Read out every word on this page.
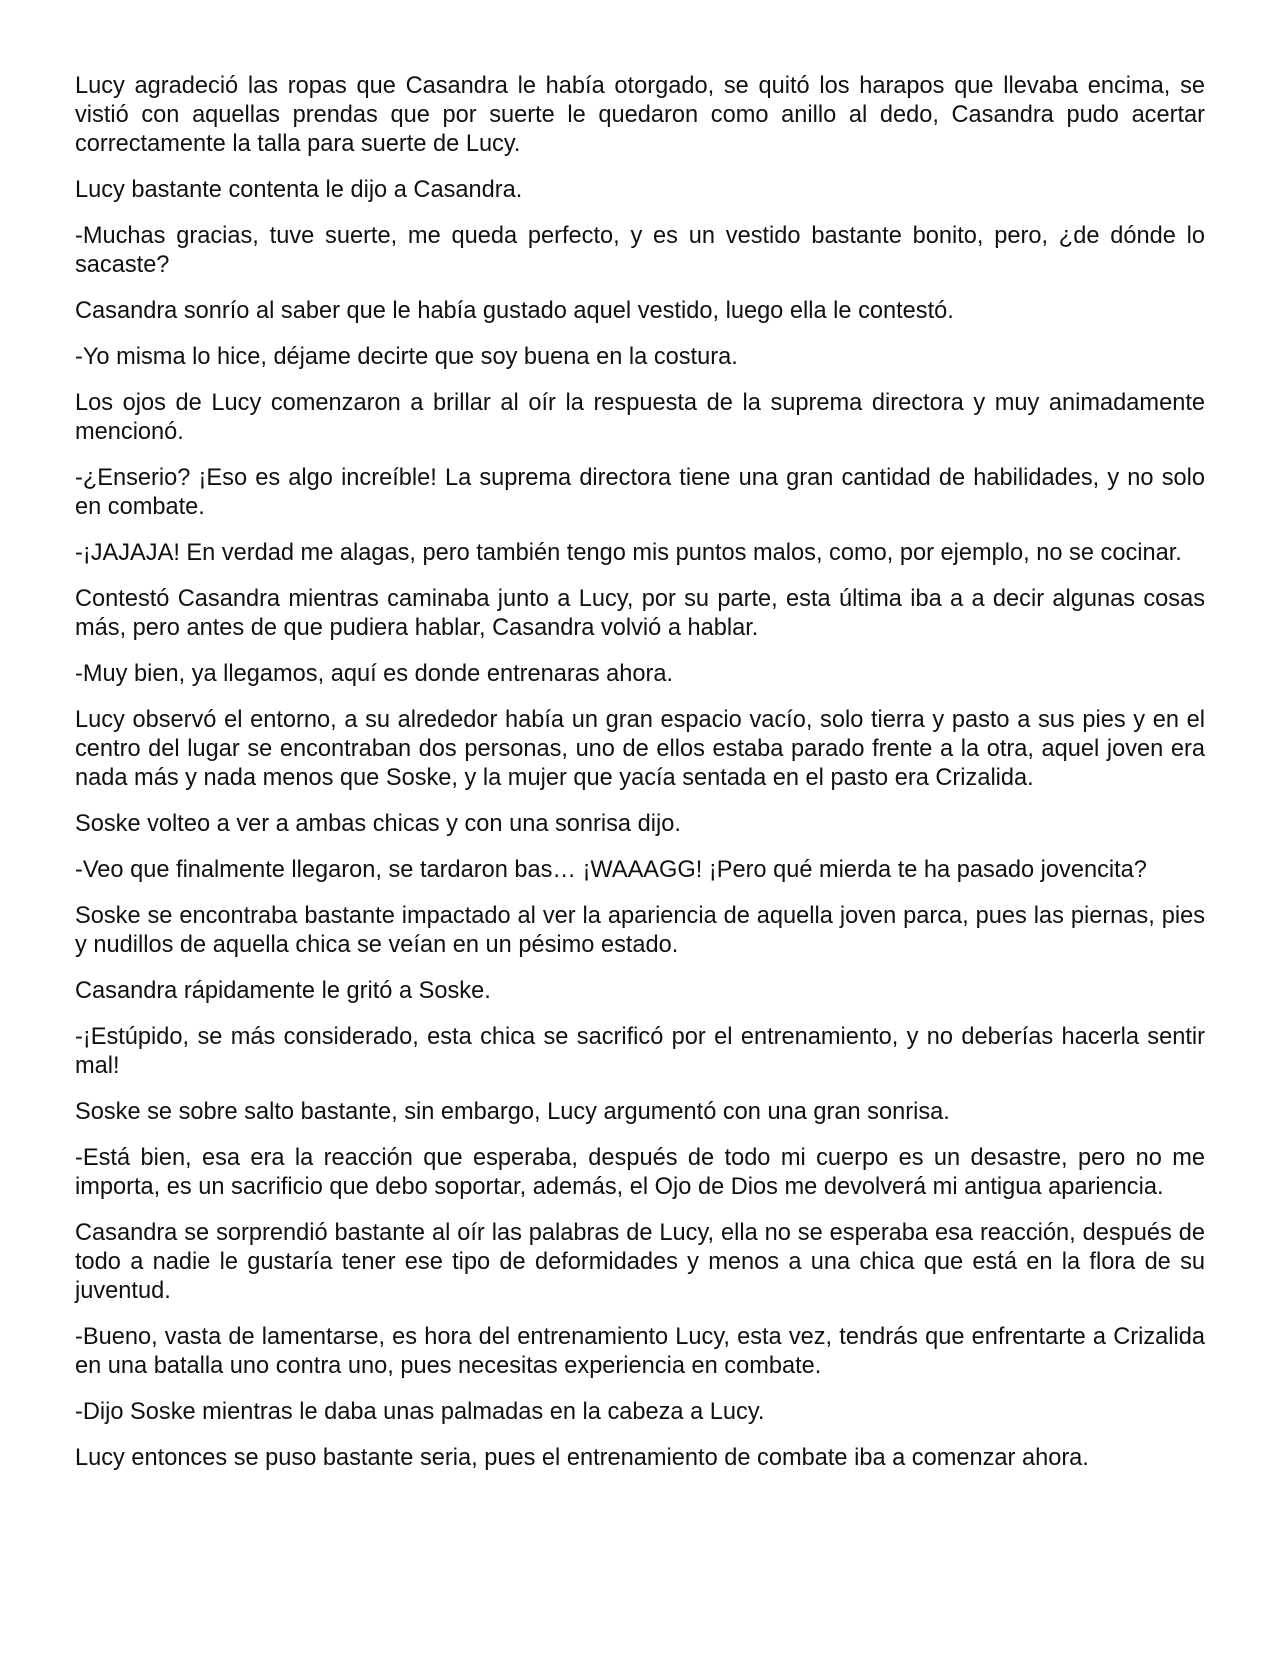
Lucy agradeció las ropas que Casandra le había otorgado, se quitó los harapos que llevaba encima, se vistió con aquellas prendas que por suerte le quedaron como anillo al dedo, Casandra pudo acertar correctamente la talla para suerte de Lucy.

Lucy bastante contenta le dijo a Casandra.

-Muchas gracias, tuve suerte, me queda perfecto, y es un vestido bastante bonito, pero, ¿de dónde lo sacaste?

Casandra sonrío al saber que le había gustado aquel vestido, luego ella le contestó.

-Yo misma lo hice, déjame decirte que soy buena en la costura.

Los ojos de Lucy comenzaron a brillar al oír la respuesta de la suprema directora y muy animadamente mencionó.

-¿Enserio? ¡Eso es algo increíble! La suprema directora tiene una gran cantidad de habilidades, y no solo en combate.

-¡JAJAJA! En verdad me alagas, pero también tengo mis puntos malos, como, por ejemplo, no se cocinar.

Contestó Casandra mientras caminaba junto a Lucy, por su parte, esta última iba a a decir algunas cosas más, pero antes de que pudiera hablar, Casandra volvió a hablar.

-Muy bien, ya llegamos, aquí es donde entrenaras ahora.

Lucy observó el entorno, a su alrededor había un gran espacio vacío, solo tierra y pasto a sus pies y en el centro del lugar se encontraban dos personas, uno de ellos estaba parado frente a la otra, aquel joven era nada más y nada menos que Soske, y la mujer que yacía sentada en el pasto era Crizalida.

Soske volteo a ver a ambas chicas y con una sonrisa dijo.

-Veo que finalmente llegaron, se tardaron bas… ¡WAAAGG! ¡Pero qué mierda te ha pasado jovencita?

Soske se encontraba bastante impactado al ver la apariencia de aquella joven parca, pues las piernas, pies y nudillos de aquella chica se veían en un pésimo estado.

Casandra rápidamente le gritó a Soske.

-¡Estúpido, se más considerado, esta chica se sacrificó por el entrenamiento, y no deberías hacerla sentir mal!

Soske se sobre salto bastante, sin embargo, Lucy argumentó con una gran sonrisa.

-Está bien, esa era la reacción que esperaba, después de todo mi cuerpo es un desastre, pero no me importa, es un sacrificio que debo soportar, además, el Ojo de Dios me devolverá mi antigua apariencia.

Casandra se sorprendió bastante al oír las palabras de Lucy, ella no se esperaba esa reacción, después de todo a nadie le gustaría tener ese tipo de deformidades y menos a una chica que está en la flora de su juventud.

-Bueno, vasta de lamentarse, es hora del entrenamiento Lucy, esta vez, tendrás que enfrentarte a Crizalida en una batalla uno contra uno, pues necesitas experiencia en combate.

-Dijo Soske mientras le daba unas palmadas en la cabeza a Lucy.

Lucy entonces se puso bastante seria, pues el entrenamiento de combate iba a comenzar ahora.
